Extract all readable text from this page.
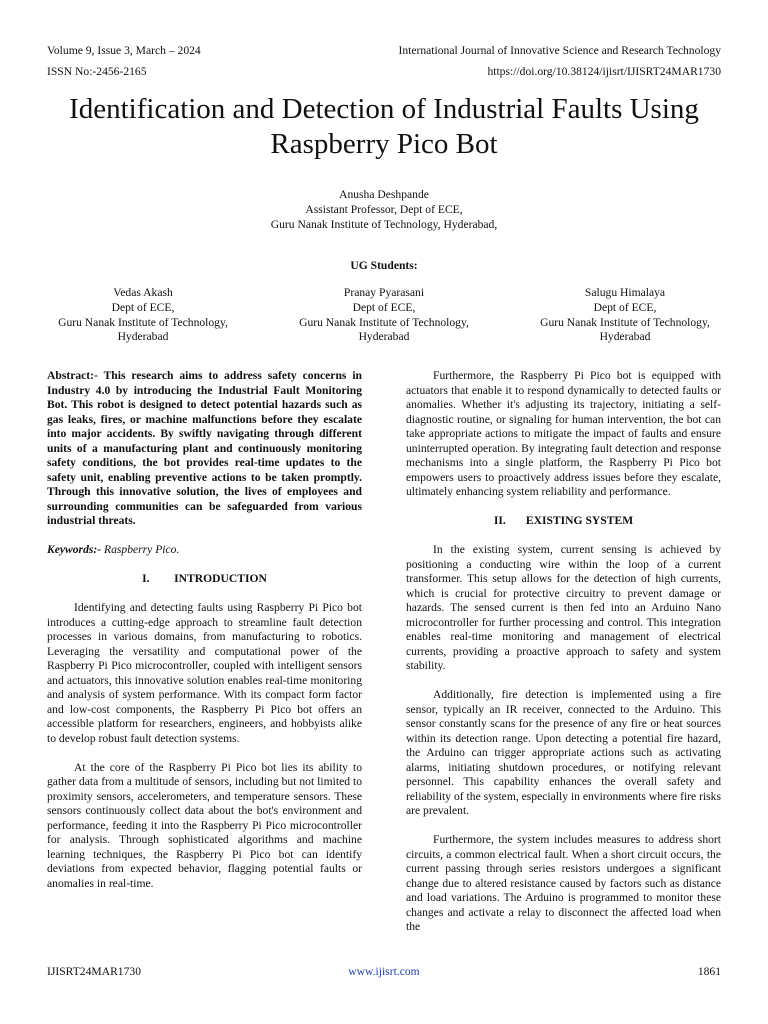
Volume 9, Issue 3, March – 2024
ISSN No:-2456-2165
International Journal of Innovative Science and Research Technology
https://doi.org/10.38124/ijisrt/IJISRT24MAR1730
Identification and Detection of Industrial Faults Using
Raspberry Pico Bot
Anusha Deshpande
Assistant Professor, Dept of ECE,
Guru Nanak Institute of Technology, Hyderabad,
UG Students:
Vedas Akash
Dept of ECE,
Guru Nanak Institute of Technology,
Hyderabad
Pranay Pyarasani
Dept of ECE,
Guru Nanak Institute of Technology,
Hyderabad
Salugu Himalaya
Dept of ECE,
Guru Nanak Institute of Technology,
Hyderabad

Abstract:- This research aims to address safety concerns in Industry 4.0 by introducing the Industrial Fault Monitoring Bot. This robot is designed to detect potential hazards such as gas leaks, fires, or machine malfunctions before they escalate into major accidents. By swiftly navigating through different units of a manufacturing plant and continuously monitoring safety conditions, the bot provides real-time updates to the safety unit, enabling preventive actions to be taken promptly. Through this innovative solution, the lives of employees and surrounding communities can be safeguarded from various industrial threats.

Keywords:- Raspberry Pico.

I. INTRODUCTION

Identifying and detecting faults using Raspberry Pi Pico bot introduces a cutting-edge approach to streamline fault detection processes in various domains, from manufacturing to robotics. Leveraging the versatility and computational power of the Raspberry Pi Pico microcontroller, coupled with intelligent sensors and actuators, this innovative solution enables real-time monitoring and analysis of system performance. With its compact form factor and low-cost components, the Raspberry Pi Pico bot offers an accessible platform for researchers, engineers, and hobbyists alike to develop robust fault detection systems.

At the core of the Raspberry Pi Pico bot lies its ability to gather data from a multitude of sensors, including but not limited to proximity sensors, accelerometers, and temperature sensors. These sensors continuously collect data about the bot's environment and performance, feeding it into the Raspberry Pi Pico microcontroller for analysis. Through sophisticated algorithms and machine learning techniques, the Raspberry Pi Pico bot can identify deviations from expected behavior, flagging potential faults or anomalies in real-time.

Furthermore, the Raspberry Pi Pico bot is equipped with actuators that enable it to respond dynamically to detected faults or anomalies. Whether it's adjusting its trajectory, initiating a self-diagnostic routine, or signaling for human intervention, the bot can take appropriate actions to mitigate the impact of faults and ensure uninterrupted operation. By integrating fault detection and response mechanisms into a single platform, the Raspberry Pi Pico bot empowers users to proactively address issues before they escalate, ultimately enhancing system reliability and performance.

II. EXISTING SYSTEM

In the existing system, current sensing is achieved by positioning a conducting wire within the loop of a current transformer. This setup allows for the detection of high currents, which is crucial for protective circuitry to prevent damage or hazards. The sensed current is then fed into an Arduino Nano microcontroller for further processing and control. This integration enables real-time monitoring and management of electrical currents, providing a proactive approach to safety and system stability.

Additionally, fire detection is implemented using a fire sensor, typically an IR receiver, connected to the Arduino. This sensor constantly scans for the presence of any fire or heat sources within its detection range. Upon detecting a potential fire hazard, the Arduino can trigger appropriate actions such as activating alarms, initiating shutdown procedures, or notifying relevant personnel. This capability enhances the overall safety and reliability of the system, especially in environments where fire risks are prevalent.

Furthermore, the system includes measures to address short circuits, a common electrical fault. When a short circuit occurs, the current passing through series resistors undergoes a significant change due to altered resistance caused by factors such as distance and load variations. The Arduino is programmed to monitor these changes and activate a relay to disconnect the affected load when the

IJISRT24MAR1730	www.ijisrt.com	1861
